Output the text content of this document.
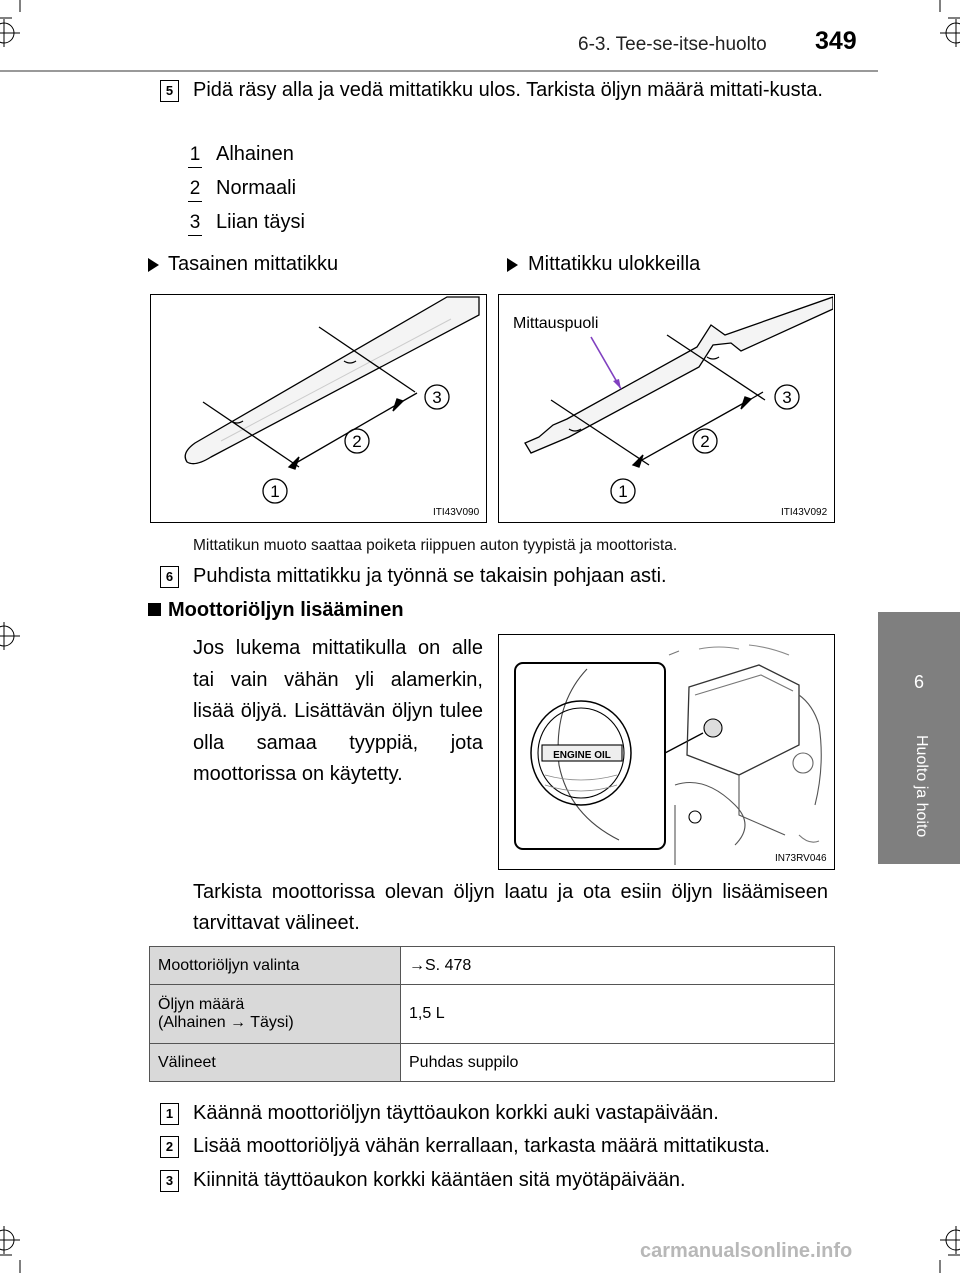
6-3. Tee-se-itse-huolto 349
6
Huolto ja hoito
5 Pidä räsy alla ja vedä mittatikku ulos. Tarkista öljyn määrä mittati-kusta.
1 Alhainen
2 Normaali
3 Liian täysi
Tasainen mittatikku	Mittatikku ulokkeilla
1
2
3
ITI43V090
1
2
3
Mittauspuoli
ITI43V092
Mittatikun muoto saattaa poiketa riippuen auton tyypistä ja moottorista.
6 Puhdista mittatikku ja työnnä se takaisin pohjaan asti.
Moottoriöljyn lisääminen
Jos lukema mittatikulla on alle tai vain vähän yli alamerkin, lisää öljyä. Lisättävän öljyn tulee olla samaa tyyppiä, jota moottorissa on käytetty.
ENGINE OIL
IN73RV046
Tarkista moottorissa olevan öljyn laatu ja ota esiin öljyn lisäämiseen tarvittavat välineet.
Moottoriöljyn valinta	→S. 478

Öljyn määrä
(Alhainen → Täysi)	1,5 L
Välineet	Puhdas suppilo
1 Käännä moottoriöljyn täyttöaukon korkki auki vastapäivään.
2 Lisää moottoriöljyä vähän kerrallaan, tarkasta määrä mittatikusta.
3 Kiinnitä täyttöaukon korkki kääntäen sitä myötäpäivään.
carmanualsonline.info
